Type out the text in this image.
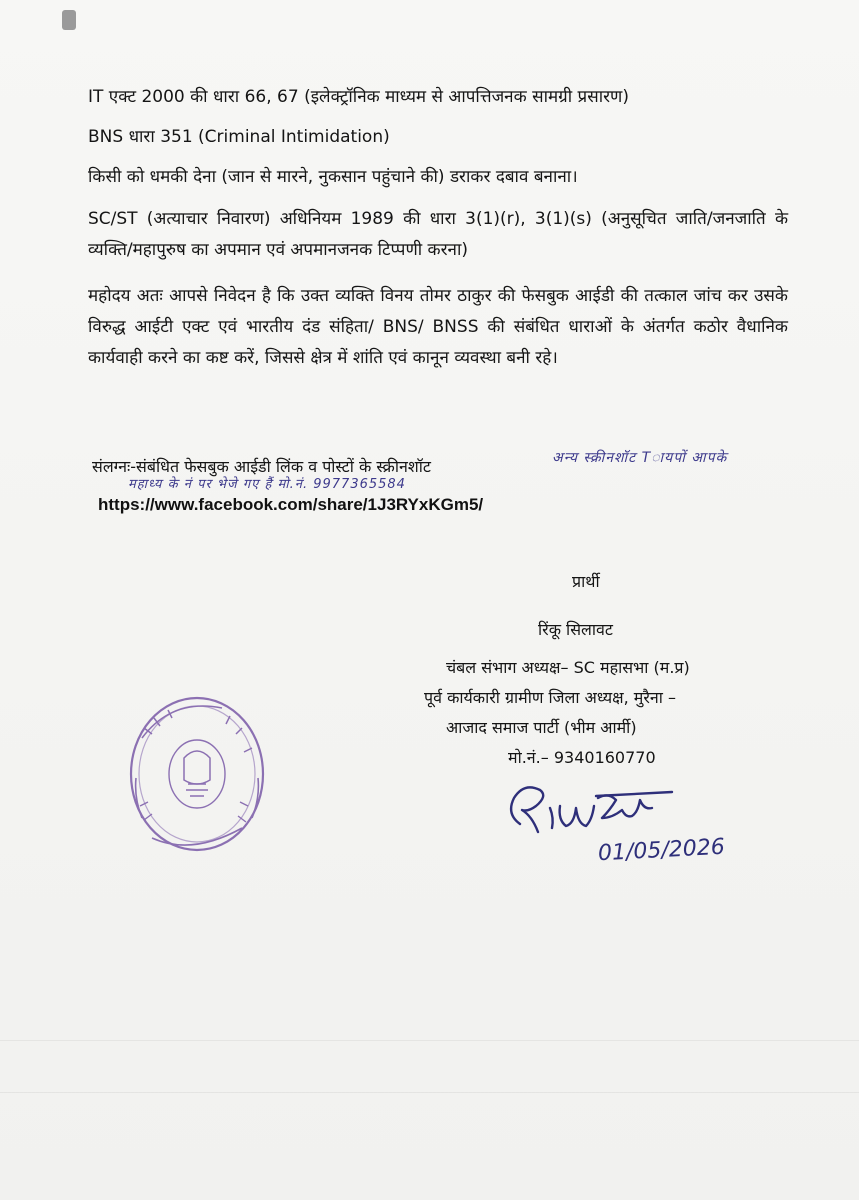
IT एक्ट 2000 की धारा 66, 67 (इलेक्ट्रॉनिक माध्यम से आपत्तिजनक सामग्री प्रसारण)

BNS धारा 351 (Criminal Intimidation)

किसी को धमकी देना (जान से मारने, नुकसान पहुंचाने की) डराकर दबाव बनाना।

SC/ST (अत्याचार निवारण) अधिनियम 1989 की धारा 3(1)(r), 3(1)(s) (अनुसूचित जाति/जनजाति के व्यक्ति/महापुरुष का अपमान एवं अपमानजनक टिप्पणी करना)

महोदय अतः आपसे निवेदन है कि उक्त व्यक्ति विनय तोमर ठाकुर की फेसबुक आईडी की तत्काल जांच कर उसके विरुद्ध आईटी एक्ट एवं भारतीय दंड संहिता/ BNS/ BNSS की संबंधित धाराओं के अंतर्गत कठोर वैधानिक कार्यवाही करने का कष्ट करें, जिससे क्षेत्र में शांति एवं कानून व्यवस्था बनी रहे।

संलग्नः-संबंधित फेसबुक आईडी लिंक व पोस्टों के स्क्रीनशॉट	अन्य स्क्रीनशॉट Tायपों आपके
महाध्य के नं पर भेजे गए हैं मो.नं. 9977365584
https://www.facebook.com/share/1J3RYxKGm5/
प्रार्थी
रिंकू सिलावट
चंबल संभाग अध्यक्ष– SC महासभा (म.प्र)
पूर्व कार्यकारी ग्रामीण जिला अध्यक्ष, मुरैना –
आजाद समाज पार्टी (भीम आर्मी)
मो.नं.– 9340160770
01/05/2026
